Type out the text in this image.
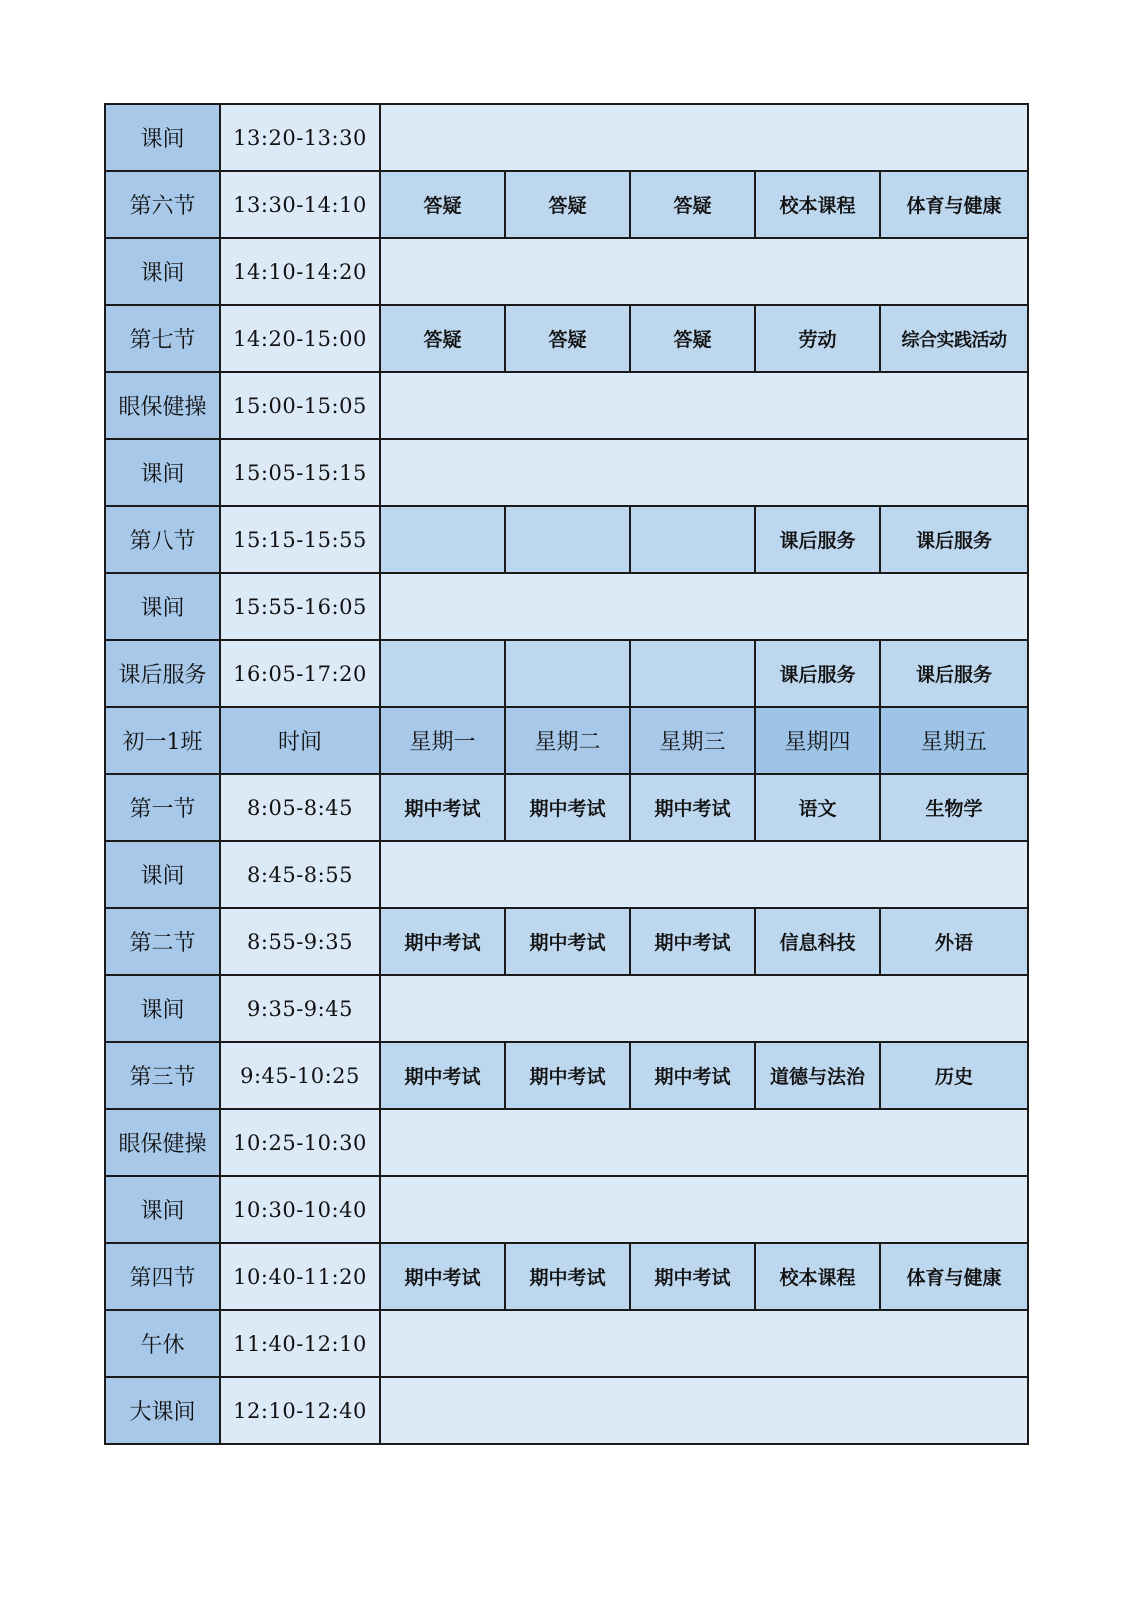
课间	13:20-13:30					
第六节	13:30-14:10	答疑	答疑	答疑	校本课程	体育与健康
课间	14:10-14:20					
第七节	14:20-15:00	答疑	答疑	答疑	劳动	综合实践活动
眼保健操	15:00-15:05					
课间	15:05-15:15					
第八节	15:15-15:55				课后服务	课后服务
课间	15:55-16:05					
课后服务	16:05-17:20				课后服务	课后服务
初一1班	时间	星期一	星期二	星期三	星期四	星期五
第一节	8:05-8:45	期中考试	期中考试	期中考试	语文	生物学
课间	8:45-8:55					
第二节	8:55-9:35	期中考试	期中考试	期中考试	信息科技	外语
课间	9:35-9:45					
第三节	9:45-10:25	期中考试	期中考试	期中考试	道德与法治	历史
眼保健操	10:25-10:30					
课间	10:30-10:40					
第四节	10:40-11:20	期中考试	期中考试	期中考试	校本课程	体育与健康
午休	11:40-12:10					
大课间	12:10-12:40					
